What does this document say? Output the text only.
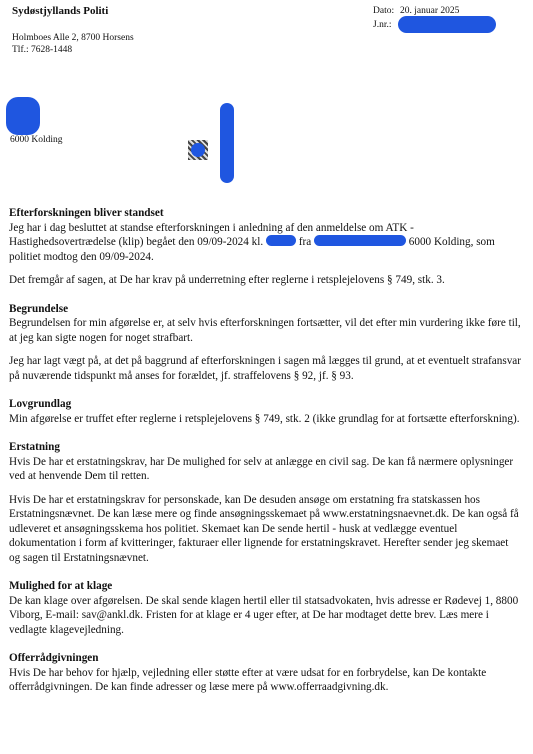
Sydøstjyllands Politi
Holmboes Alle 2, 8700 Horsens
Tlf.: 7628-1448
Dato: 20. januar 2025
J.nr.:
6000 Kolding

Efterforskningen bliver standset

Jeg har i dag besluttet at standse efterforskningen i anledning af den anmeldelse om ATK - Hastighedsovertrædelse (klip) begået den 09/09-2024 kl.	fra	6000 Kolding, som politiet modtog den 09/09-2024.

Det fremgår af sagen, at De har krav på underretning efter reglerne i retsplejelovens § 749, stk. 3.

Begrundelse

Begrundelsen for min afgørelse er, at selv hvis efterforskningen fortsætter, vil det efter min vurdering ikke føre til, at jeg kan sigte nogen for noget strafbart.

Jeg har lagt vægt på, at det på baggrund af efterforskningen i sagen må lægges til grund, at et eventuelt strafansvar på nuværende tidspunkt må anses for forældet, jf. straffelovens § 92, jf. § 93.

Lovgrundlag

Min afgørelse er truffet efter reglerne i retsplejelovens § 749, stk. 2 (ikke grundlag for at fortsætte efterforskning).

Erstatning

Hvis De har et erstatningskrav, har De mulighed for selv at anlægge en civil sag. De kan få nærmere oplysninger ved at henvende Dem til retten.

Hvis De har et erstatningskrav for personskade, kan De desuden ansøge om erstatning fra statskassen hos Erstatningsnævnet. De kan læse mere og finde ansøgningsskemaet på www.erstatningsnaevnet.dk. De kan også få udleveret et ansøgningsskema hos politiet. Skemaet kan De sende hertil - husk at vedlægge eventuel dokumentation i form af kvitteringer, fakturaer eller lignende for erstatningskravet. Herefter sender jeg skemaet og sagen til Erstatningsnævnet.

Mulighed for at klage

De kan klage over afgørelsen. De skal sende klagen hertil eller til statsadvokaten, hvis adresse er Rødevej 1, 8800 Viborg, E-mail: sav@ankl.dk. Fristen for at klage er 4 uger efter, at De har modtaget dette brev. Læs mere i vedlagte klagevejledning.

Offerrådgivningen

Hvis De har behov for hjælp, vejledning eller støtte efter at være udsat for en forbrydelse, kan De kontakte offerrådgivningen. De kan finde adresser og læse mere på www.offerraadgivning.dk.
